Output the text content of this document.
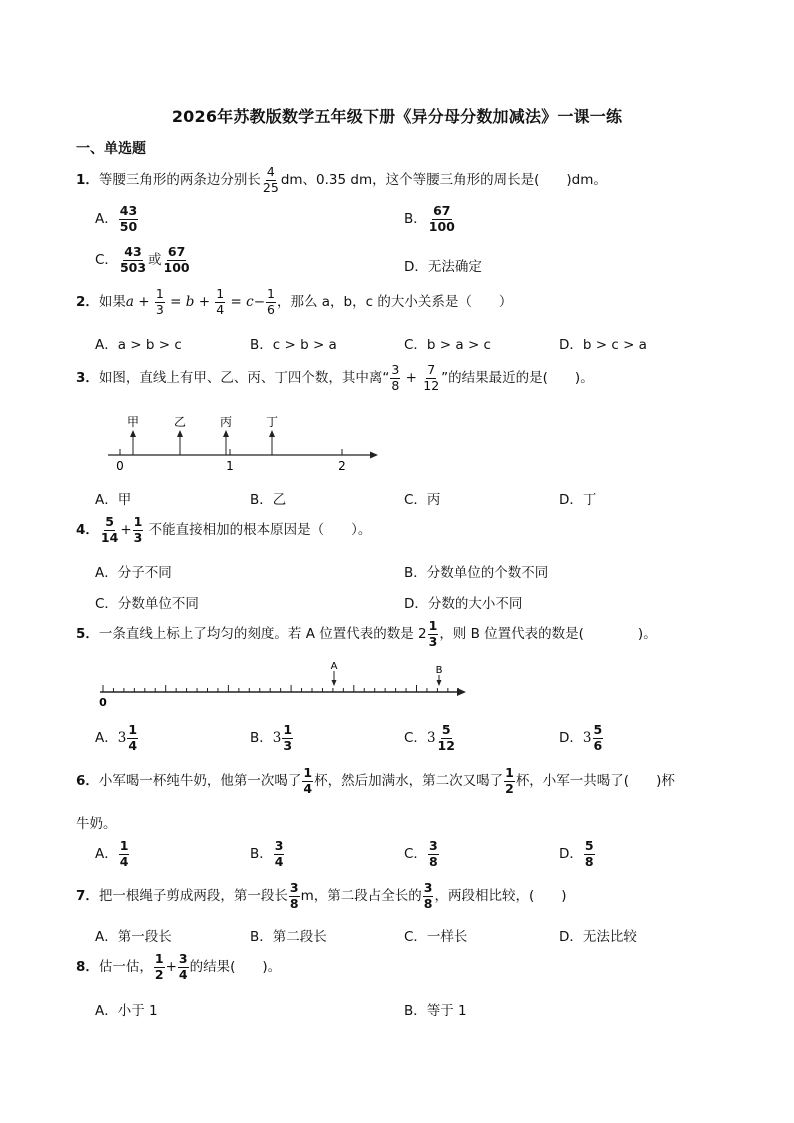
2026年苏教版数学五年级下册《异分母分数加减法》一课一练
一、单选题
1．等腰三角形的两条边分别长 $\frac{4}{25}$ dm、0.35 dm，这个等腰三角形的周长是(　　)dm。
A． $\frac{43}{50}$	B． $\frac{67}{100}$
C． $\frac{43}{503}$ 或 $\frac{67}{100}$	D．无法确定
2．如果$a + \frac{1}{3} = b + \frac{1}{4} = c- \frac{1}{6}$ ，那么 a，b，c 的大小关系是（　　）
A．a > b > c	B．c > b > a	C．b > a > c	D．b > c > a
3．如图，直线上有甲、乙、丙、丁四个数，其中离“ $\frac{3}{8} + \frac{7}{12}$ ”的结果最近的是(　　)。
0	1	2
甲	乙	丙	丁
A．甲	B．乙	C．丙	D．丁
4． $\frac{5}{14} + \frac{1}{3}$ 不能直接相加的根本原因是（　　）。
A．分子不同	B．分数单位的个数不同
C．分数单位不同	D．分数的大小不同
5．一条直线上标上了均匀的刻度。若 A 位置代表的数是 $2 \frac{1}{3}$ ，则 B 位置代表的数是(　　　　)。
0
A	B
A．$3 \frac{1}{4}$	B．$3 \frac{1}{3}$	C．$3 \frac{5}{12}$	D．$3 \frac{5}{6}$
6．小军喝一杯纯牛奶，他第一次喝了 $\frac{1}{4}$ 杯，然后加满水，第二次又喝了 $\frac{1}{2}$ 杯，小军一共喝了(　　)杯
牛奶。
A． $\frac{1}{4}$	B． $\frac{3}{4}$	C． $\frac{3}{8}$	D． $\frac{5}{8}$
7．把一根绳子剪成两段，第一段长 $\frac{3}{8}$ m，第二段占全长的 $\frac{3}{8}$ ，两段相比较，(　　)
A．第一段长	B．第二段长	C．一样长	D．无法比较
8．估一估， $\frac{1}{2} + \frac{3}{4}$ 的结果(　　)。
A．小于 1	B．等于 1
